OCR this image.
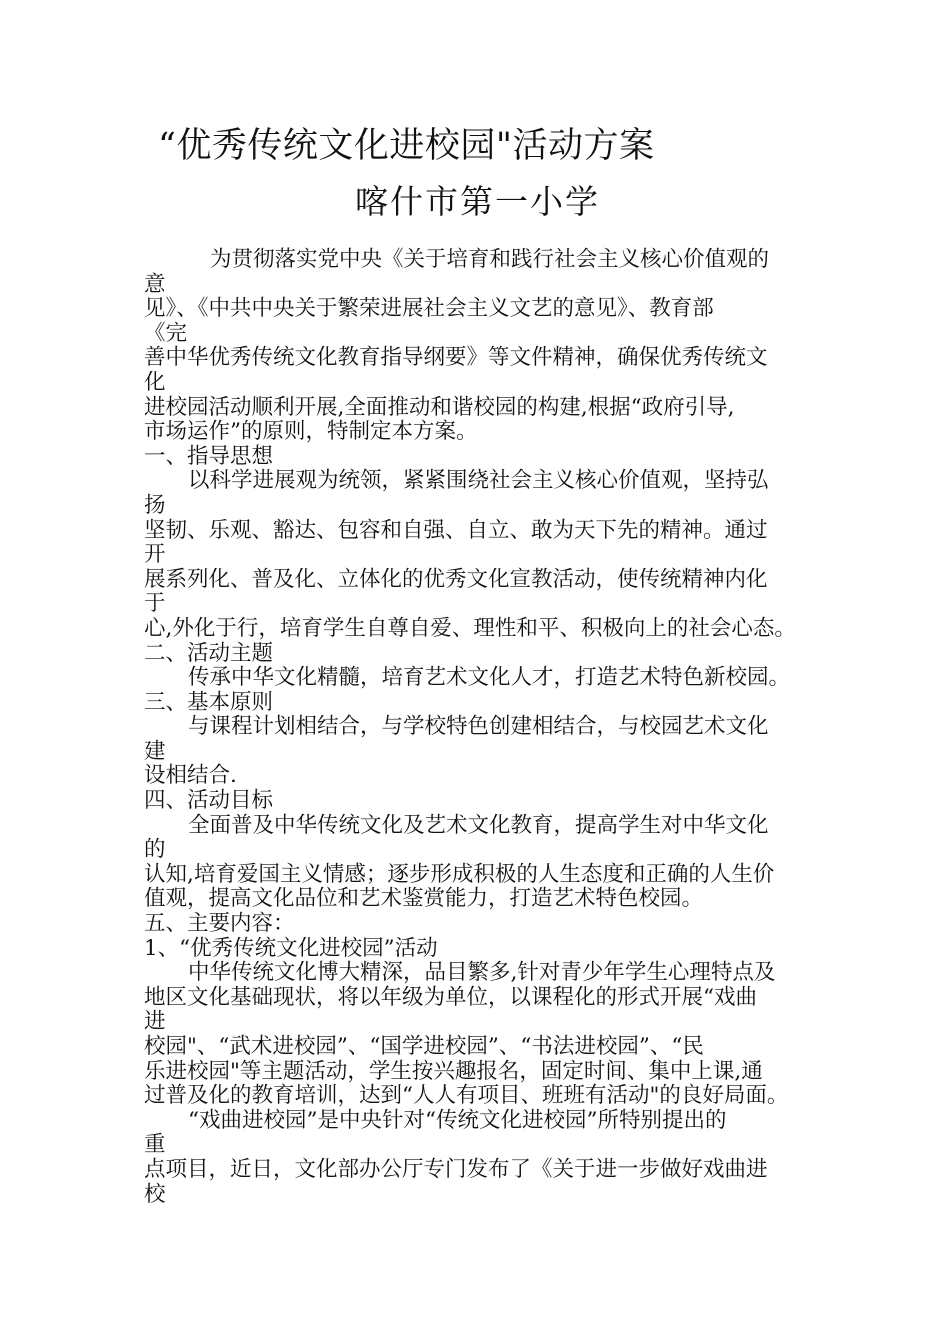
“优秀传统文化进校园"活动方案
喀什市第一小学
为贯彻落实党中央《关于培育和践行社会主义核心价值观的
意
见》、《中共中央关于繁荣进展社会主义文艺的意见》、教育部
《完
善中华优秀传统文化教育指导纲要》等文件精神，确保优秀传统文
化
进校园活动顺利开展,全面推动和谐校园的构建,根据“政府引导,
市场运作”的原则，特制定本方案。
一、指导思想
以科学进展观为统领，紧紧围绕社会主义核心价值观，坚持弘
扬
坚韧、乐观、豁达、包容和自强、自立、敢为天下先的精神。通过
开
展系列化、普及化、立体化的优秀文化宣教活动，使传统精神内化
于
心,外化于行，培育学生自尊自爱、理性和平、积极向上的社会心态。
二、活动主题
传承中华文化精髓，培育艺术文化人才，打造艺术特色新校园。
三、基本原则
与课程计划相结合，与学校特色创建相结合，与校园艺术文化
建
设相结合.
四、活动目标
全面普及中华传统文化及艺术文化教育，提高学生对中华文化
的
认知,培育爱国主义情感；逐步形成积极的人生态度和正确的人生价
值观，提高文化品位和艺术鉴赏能力，打造艺术特色校园。
五、主要内容：
1、“优秀传统文化进校园”活动
中华传统文化博大精深，品目繁多,针对青少年学生心理特点及
地区文化基础现状，将以年级为单位，以课程化的形式开展“戏曲
进
校园"、“武术进校园”、“国学进校园”、“书法进校园”、“民
乐进校园"等主题活动，学生按兴趣报名，固定时间、集中上课,通
过普及化的教育培训，达到“人人有项目、班班有活动"的良好局面。
“戏曲进校园”是中央针对“传统文化进校园”所特别提出的
重
点项目，近日，文化部办公厅专门发布了《关于进一步做好戏曲进
校
